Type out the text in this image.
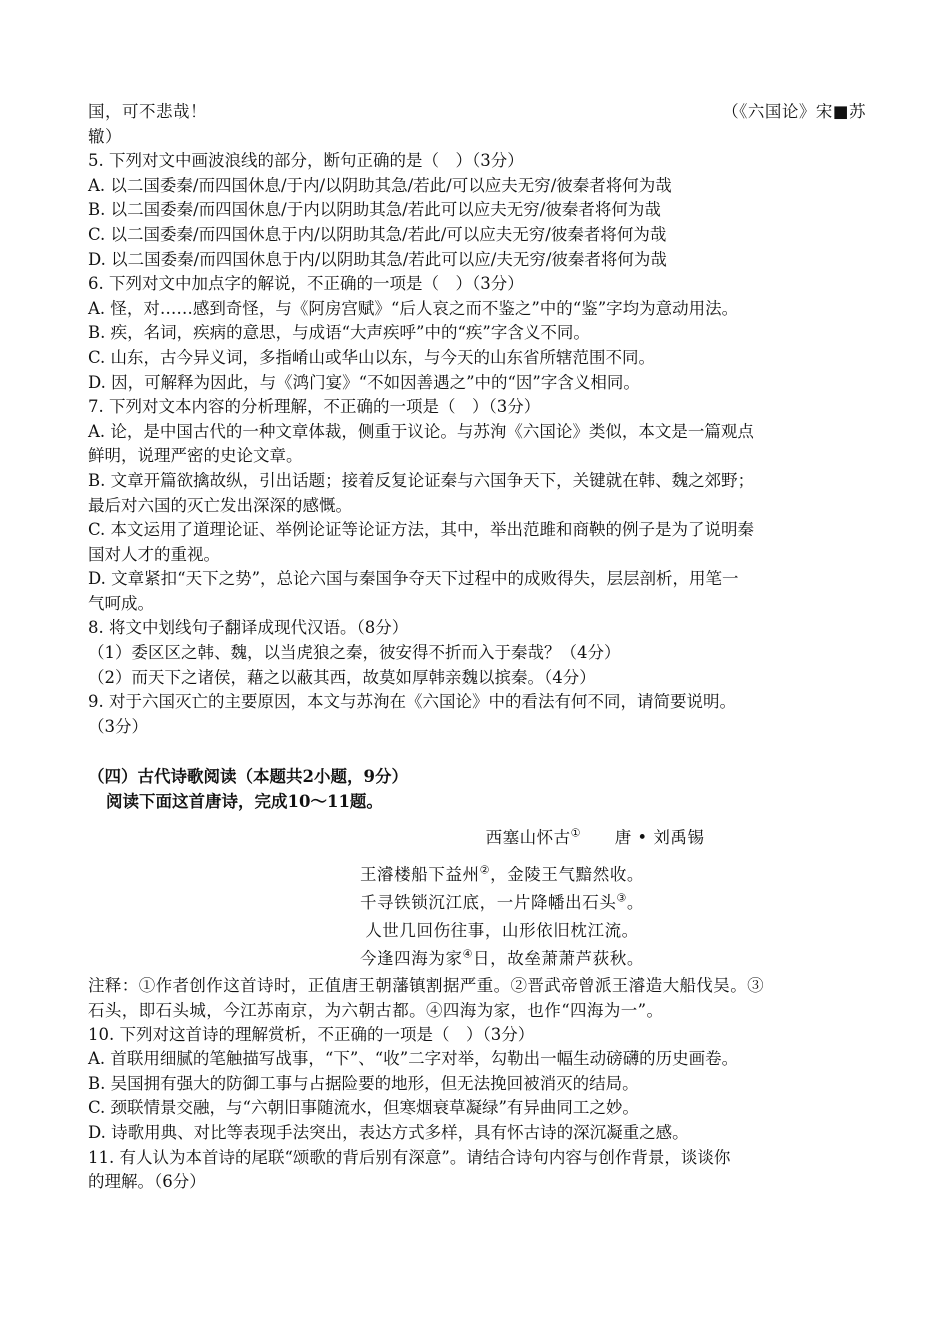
国，可不悲哉！	（《六国论》宋■苏
辙）
5. 下列对文中画波浪线的部分，断句正确的是（　）（3分）
A. 以二国委秦/而四国休息/于内/以阴助其急/若此/可以应夫无穷/彼秦者将何为哉
B. 以二国委秦/而四国休息/于内以阴助其急/若此可以应夫无穷/彼秦者将何为哉
C. 以二国委秦/而四国休息于内/以阴助其急/若此/可以应夫无穷/彼秦者将何为哉
D. 以二国委秦/而四国休息于内/以阴助其急/若此可以应/夫无穷/彼秦者将何为哉
6. 下列对文中加点字的解说，不正确的一项是（　）（3分）
A. 怪，对……感到奇怪，与《阿房宫赋》“后人哀之而不鉴之”中的“鉴”字均为意动用法。
B. 疾，名词，疾病的意思，与成语“大声疾呼”中的“疾”字含义不同。
C. 山东，古今异义词，多指崤山或华山以东，与今天的山东省所辖范围不同。
D. 因，可解释为因此，与《鸿门宴》“不如因善遇之”中的“因”字含义相同。
7. 下列对文本内容的分析理解，不正确的一项是（　）（3分）
A. 论，是中国古代的一种文章体裁，侧重于议论。与苏洵《六国论》类似，本文是一篇观点
鲜明，说理严密的史论文章。
B. 文章开篇欲擒故纵，引出话题；接着反复论证秦与六国争天下，关键就在韩、魏之郊野；
最后对六国的灭亡发出深深的感慨。
C. 本文运用了道理论证、举例论证等论证方法，其中，举出范雎和商鞅的例子是为了说明秦
国对人才的重视。
D. 文章紧扣“天下之势”，总论六国与秦国争夺天下过程中的成败得失，层层剖析，用笔一
气呵成。
8. 将文中划线句子翻译成现代汉语。（8分）
（1）委区区之韩、魏，以当虎狼之秦，彼安得不折而入于秦哉？（4分）
（2）而天下之诸侯，藉之以蔽其西，故莫如厚韩亲魏以摈秦。（4分）
9. 对于六国灭亡的主要原因，本文与苏洵在《六国论》中的看法有何不同，请简要说明。
（3分）
（四）古代诗歌阅读（本题共2小题，9分）
阅读下面这首唐诗，完成10～11题。
西塞山怀古① 唐 • 刘禹锡
王濬楼船下益州②，金陵王气黯然收。
千寻铁锁沉江底，一片降幡出石头③。
人世几回伤往事，山形依旧枕江流。
今逢四海为家④日，故垒萧萧芦荻秋。
注释：①作者创作这首诗时，正值唐王朝藩镇割据严重。②晋武帝曾派王濬造大船伐吴。③
石头，即石头城，今江苏南京，为六朝古都。④四海为家，也作“四海为一”。
10. 下列对这首诗的理解赏析，不正确的一项是（　）（3分）
A. 首联用细腻的笔触描写战事，“下”、“收”二字对举，勾勒出一幅生动磅礴的历史画卷。
B. 吴国拥有强大的防御工事与占据险要的地形，但无法挽回被消灭的结局。
C. 颈联情景交融，与“六朝旧事随流水，但寒烟衰草凝绿”有异曲同工之妙。
D. 诗歌用典、对比等表现手法突出，表达方式多样，具有怀古诗的深沉凝重之感。
11. 有人认为本首诗的尾联“颂歌的背后别有深意”。请结合诗句内容与创作背景，谈谈你
的理解。（6分）
